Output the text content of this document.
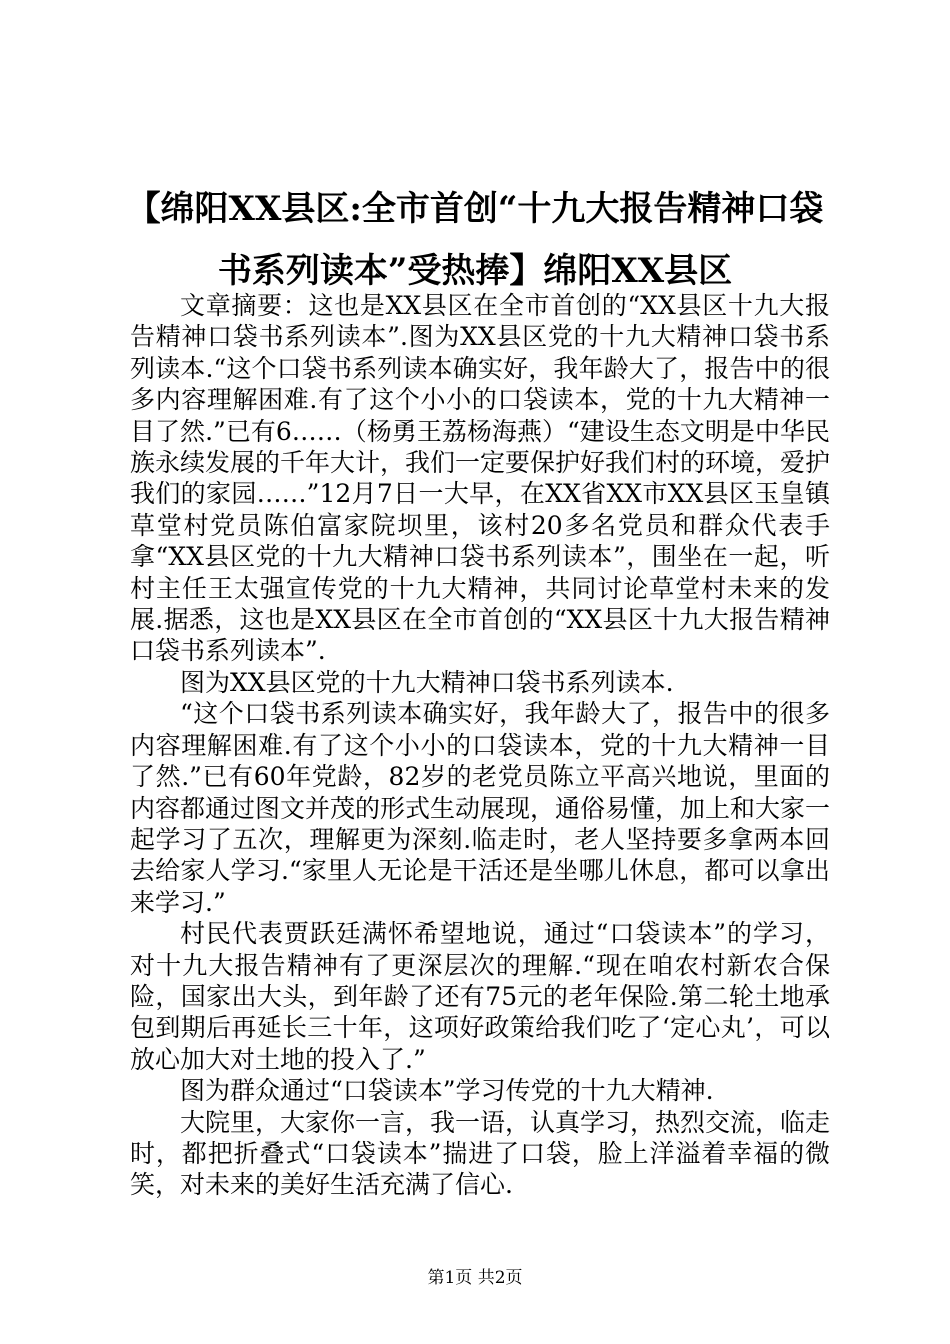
【绵阳XX县区:全市首创“十九大报告精神口袋书系列读本”受热捧】绵阳XX县区

文章摘要：这也是XX县区在全市首创的“XX县区十九大报告精神口袋书系列读本”.图为XX县区党的十九大精神口袋书系列读本.“这个口袋书系列读本确实好，我年龄大了，报告中的很多内容理解困难.有了这个小小的口袋读本，党的十九大精神一目了然.”已有6……（杨勇王荔杨海燕）“建设生态文明是中华民族永续发展的千年大计，我们一定要保护好我们村的环境，爱护我们的家园……”12月7日一大早，在XX省XX市XX县区玉皇镇草堂村党员陈伯富家院坝里，该村20多名党员和群众代表手拿“XX县区党的十九大精神口袋书系列读本”，围坐在一起，听村主任王太强宣传党的十九大精神，共同讨论草堂村未来的发展.据悉，这也是XX县区在全市首创的“XX县区十九大报告精神口袋书系列读本”.

图为XX县区党的十九大精神口袋书系列读本.

“这个口袋书系列读本确实好，我年龄大了，报告中的很多内容理解困难.有了这个小小的口袋读本，党的十九大精神一目了然.”已有60年党龄，82岁的老党员陈立平高兴地说，里面的内容都通过图文并茂的形式生动展现，通俗易懂，加上和大家一起学习了五次，理解更为深刻.临走时，老人坚持要多拿两本回去给家人学习.“家里人无论是干活还是坐哪儿休息，都可以拿出来学习.”

村民代表贾跃廷满怀希望地说，通过“口袋读本”的学习，对十九大报告精神有了更深层次的理解.“现在咱农村新农合保险，国家出大头，到年龄了还有75元的老年保险.第二轮土地承包到期后再延长三十年，这项好政策给我们吃了‘定心丸’，可以放心加大对土地的投入了.”

图为群众通过“口袋读本”学习传党的十九大精神.

大院里，大家你一言，我一语，认真学习，热烈交流，临走时，都把折叠式“口袋读本”揣进了口袋，脸上洋溢着幸福的微笑，对未来的美好生活充满了信心.

第1页 共2页
